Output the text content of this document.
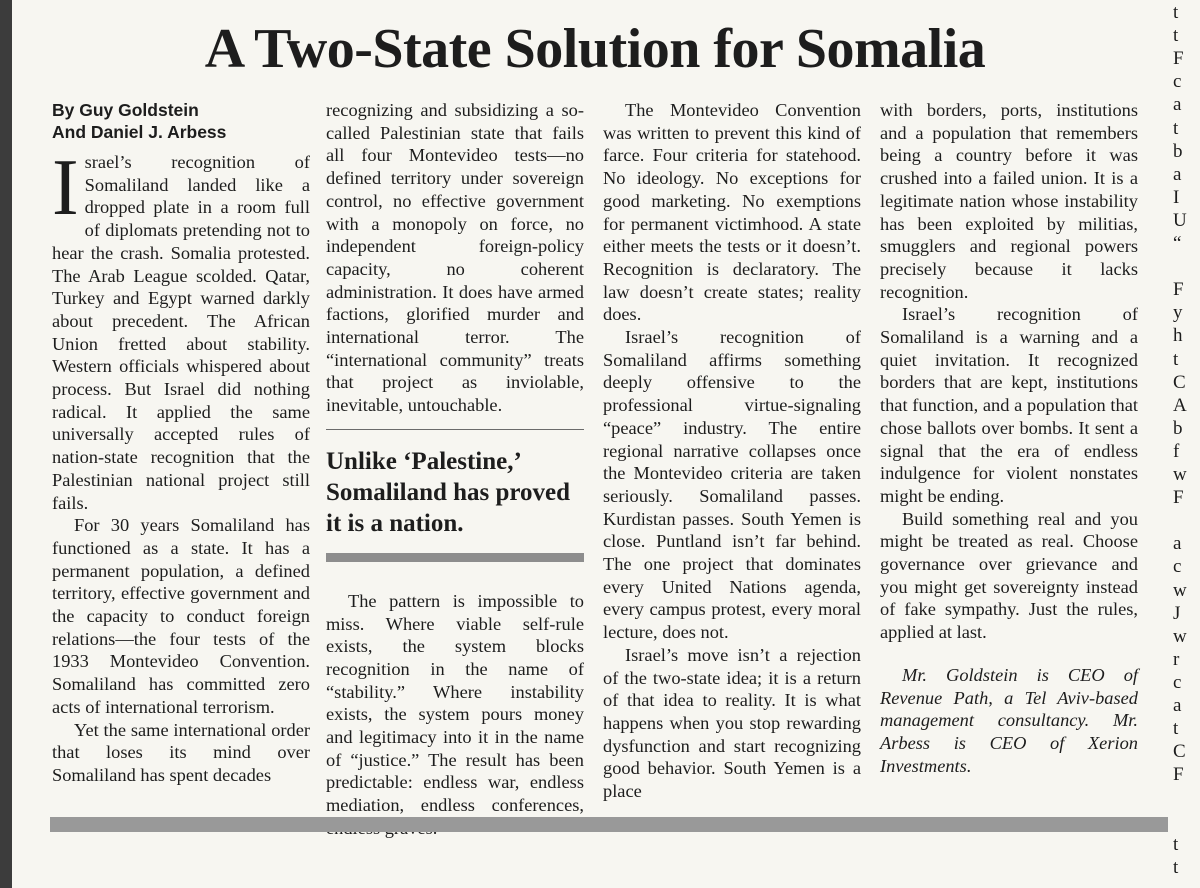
t
t
F
c
a
t
b
a
I
U
“
F
y
h
t
C
A
b
f
w
F
a
c
w
J
w
r
c
a
t
C
F
t
t
A Two-State Solution for Somalia
By Guy Goldstein
And Daniel J. Arbess

Israel’s recognition of Somaliland landed like a dropped plate in a room full of diplomats pretending not to hear the crash. Somalia protested. The Arab League scolded. Qatar, Turkey and Egypt warned darkly about precedent. The African Union fretted about stability. Western officials whispered about process. But Israel did nothing radical. It applied the same universally accepted rules of nation-state recognition that the Palestinian national project still fails.

For 30 years Somaliland has functioned as a state. It has a permanent population, a defined territory, effective government and the capacity to conduct foreign relations—the four tests of the 1933 Montevideo Convention. Somaliland has committed zero acts of international terrorism.

Yet the same international order that loses its mind over Somaliland has spent decades

recognizing and subsidizing a so-called Palestinian state that fails all four Montevideo tests—no defined territory under sovereign control, no effective government with a monopoly on force, no independent foreign-policy capacity, no coherent administration. It does have armed factions, glorified murder and international terror. The “international community” treats that project as inviolable, inevitable, untouchable.

Unlike ‘Palestine,’ Somaliland has proved it is a nation.

The pattern is impossible to miss. Where viable self-rule exists, the system blocks recognition in the name of “stability.” Where instability exists, the system pours money and legitimacy into it in the name of “justice.” The result has been predictable: endless war, endless mediation, endless conferences,

The Montevideo Convention was written to prevent this kind of farce. Four criteria for statehood. No ideology. No exceptions for good marketing. No exemptions for permanent victimhood. A state either meets the tests or it doesn’t. Recognition is declaratory. The law doesn’t create states; reality does.

Israel’s recognition of Somaliland affirms something deeply offensive to the professional virtue-signaling “peace” industry. The entire regional narrative collapses once the Montevideo criteria are taken seriously. Somaliland passes. Kurdistan passes. South Yemen is close. Puntland isn’t far behind. The one project that dominates every United Nations agenda, every campus protest, every moral lecture, does not.

Israel’s move isn’t a rejection of the two-state idea; it is a return of that idea to reality. It is what happens when you stop rewarding dysfunction and start recognizing good behavior. South Yemen is a place

with borders, ports, institutions and a population that remembers being a country before it was crushed into a failed union. It is a legitimate nation whose instability has been exploited by militias, smugglers and regional powers precisely because it lacks recognition.

Israel’s recognition of Somaliland is a warning and a quiet invitation. It recognized borders that are kept, institutions that function, and a population that chose ballots over bombs. It sent a signal that the era of endless indulgence for violent nonstates might be ending.

Build something real and you might be treated as real. Choose governance over grievance and you might get sovereignty instead of fake sympathy. Just the rules, applied at last.

Mr. Goldstein is CEO of Revenue Path, a Tel Aviv-based management consultancy. Mr. Arbess is CEO of Xerion Investments.
